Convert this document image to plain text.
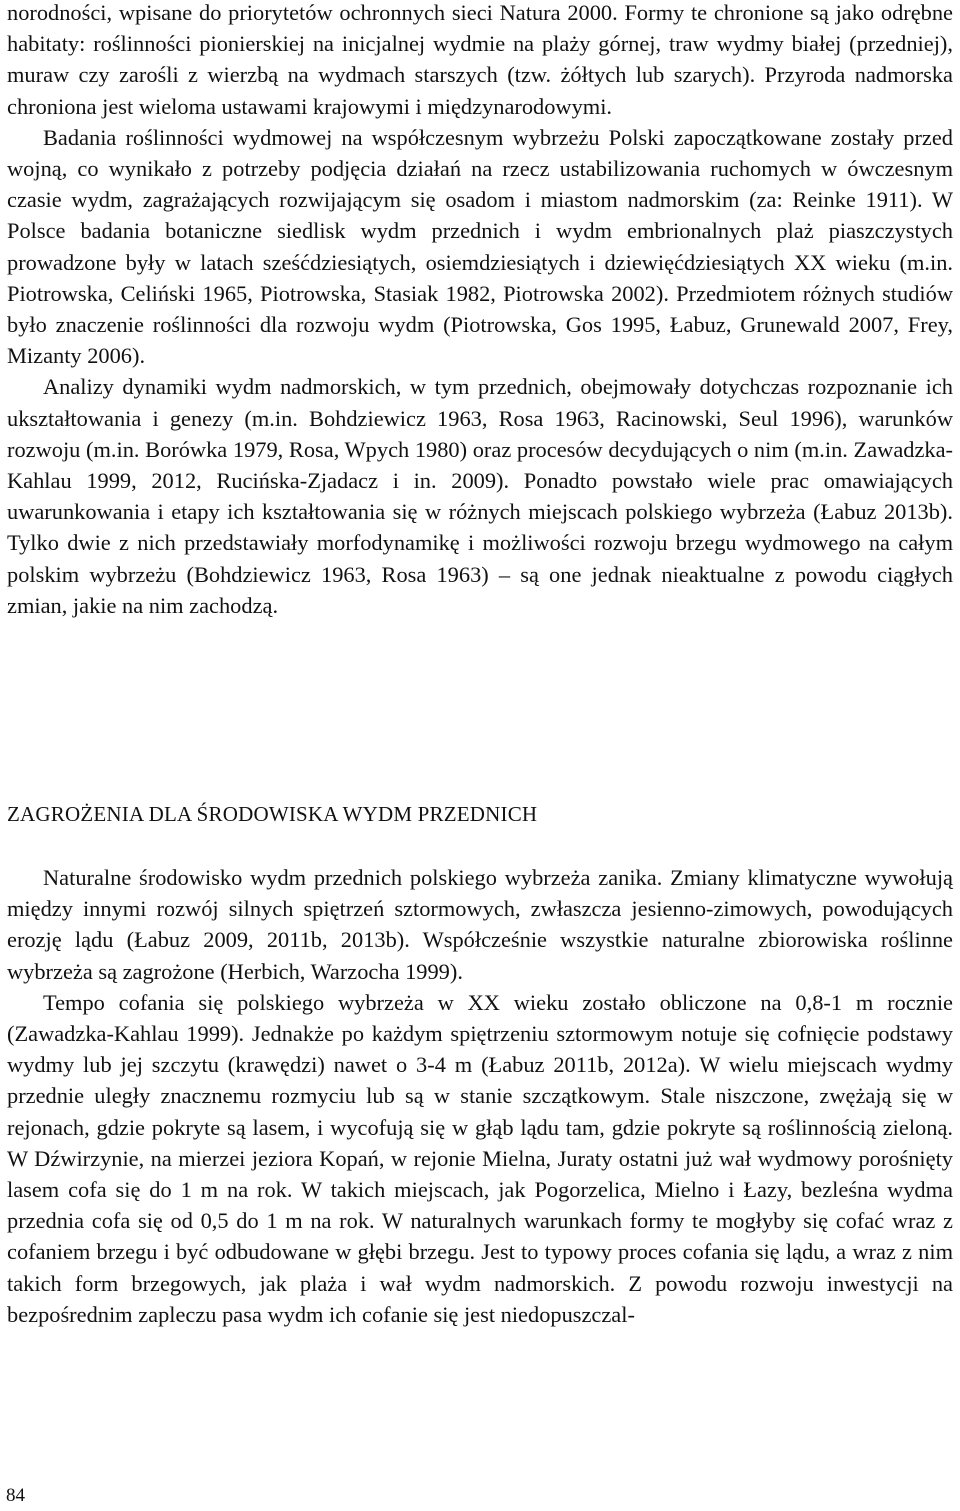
norodności, wpisane do priorytetów ochronnych sieci Natura 2000. Formy te chronione są jako odrębne habitaty: roślinności pionierskiej na inicjalnej wydmie na plaży górnej, traw wydmy białej (przedniej), muraw czy zarośli z wierzbą na wydmach starszych (tzw. żółtych lub szarych). Przyroda nadmorska chroniona jest wieloma ustawami krajowymi i międzynarodowymi.

Badania roślinności wydmowej na współczesnym wybrzeżu Polski zapoczątkowane zostały przed wojną, co wynikało z potrzeby podjęcia działań na rzecz ustabilizowania ruchomych w ówczesnym czasie wydm, zagrażających rozwijającym się osadom i miastom nadmorskim (za: Reinke 1911). W Polsce badania botaniczne siedlisk wydm przednich i wydm embrionalnych plaż piaszczystych prowadzone były w latach sześćdziesiątych, osiemdziesiątych i dziewięćdziesiątych XX wieku (m.in. Piotrowska, Celiński 1965, Piotrowska, Stasiak 1982, Piotrowska 2002). Przedmiotem różnych studiów było znaczenie roślinności dla rozwoju wydm (Piotrowska, Gos 1995, Łabuz, Grunewald 2007, Frey, Mizanty 2006).

Analizy dynamiki wydm nadmorskich, w tym przednich, obejmowały dotychczas rozpoznanie ich ukształtowania i genezy (m.in. Bohdziewicz 1963, Rosa 1963, Racinowski, Seul 1996), warunków rozwoju (m.in. Borówka 1979, Rosa, Wpych 1980) oraz procesów decydujących o nim (m.in. Zawadzka-Kahlau 1999, 2012, Rucińska-Zjadacz i in. 2009). Ponadto powstało wiele prac omawiających uwarunkowania i etapy ich kształtowania się w różnych miejscach polskiego wybrzeża (Łabuz 2013b). Tylko dwie z nich przedstawiały morfodynamikę i możliwości rozwoju brzegu wydmowego na całym polskim wybrzeżu (Bohdziewicz 1963, Rosa 1963) – są one jednak nieaktualne z powodu ciągłych zmian, jakie na nim zachodzą.

ZAGROŻENIA DLA ŚRODOWISKA WYDM PRZEDNICH

Naturalne środowisko wydm przednich polskiego wybrzeża zanika. Zmiany klimatyczne wywołują między innymi rozwój silnych spiętrzeń sztormowych, zwłaszcza jesienno-zimowych, powodujących erozję lądu (Łabuz 2009, 2011b, 2013b). Współcześnie wszystkie naturalne zbiorowiska roślinne wybrzeża są zagrożone (Herbich, Warzocha 1999).

Tempo cofania się polskiego wybrzeża w XX wieku zostało obliczone na 0,8-1 m rocznie (Zawadzka-Kahlau 1999). Jednakże po każdym spiętrzeniu sztormowym notuje się cofnięcie podstawy wydmy lub jej szczytu (krawędzi) nawet o 3-4 m (Łabuz 2011b, 2012a). W wielu miejscach wydmy przednie uległy znacznemu rozmyciu lub są w stanie szczątkowym. Stale niszczone, zwężają się w rejonach, gdzie pokryte są lasem, i wycofują się w głąb lądu tam, gdzie pokryte są roślinnością zieloną. W Dźwirzynie, na mierzei jeziora Kopań, w rejonie Mielna, Juraty ostatni już wał wydmowy porośnięty lasem cofa się do 1 m na rok. W takich miejscach, jak Pogorzelica, Mielno i Łazy, bezleśna wydma przednia cofa się od 0,5 do 1 m na rok. W naturalnych warunkach formy te mogłyby się cofać wraz z cofaniem brzegu i być odbudowane w głębi brzegu. Jest to typowy proces cofania się lądu, a wraz z nim takich form brzegowych, jak plaża i wał wydm nadmorskich. Z powodu rozwoju inwestycji na bezpośrednim zapleczu pasa wydm ich cofanie się jest niedopuszczal-

84
